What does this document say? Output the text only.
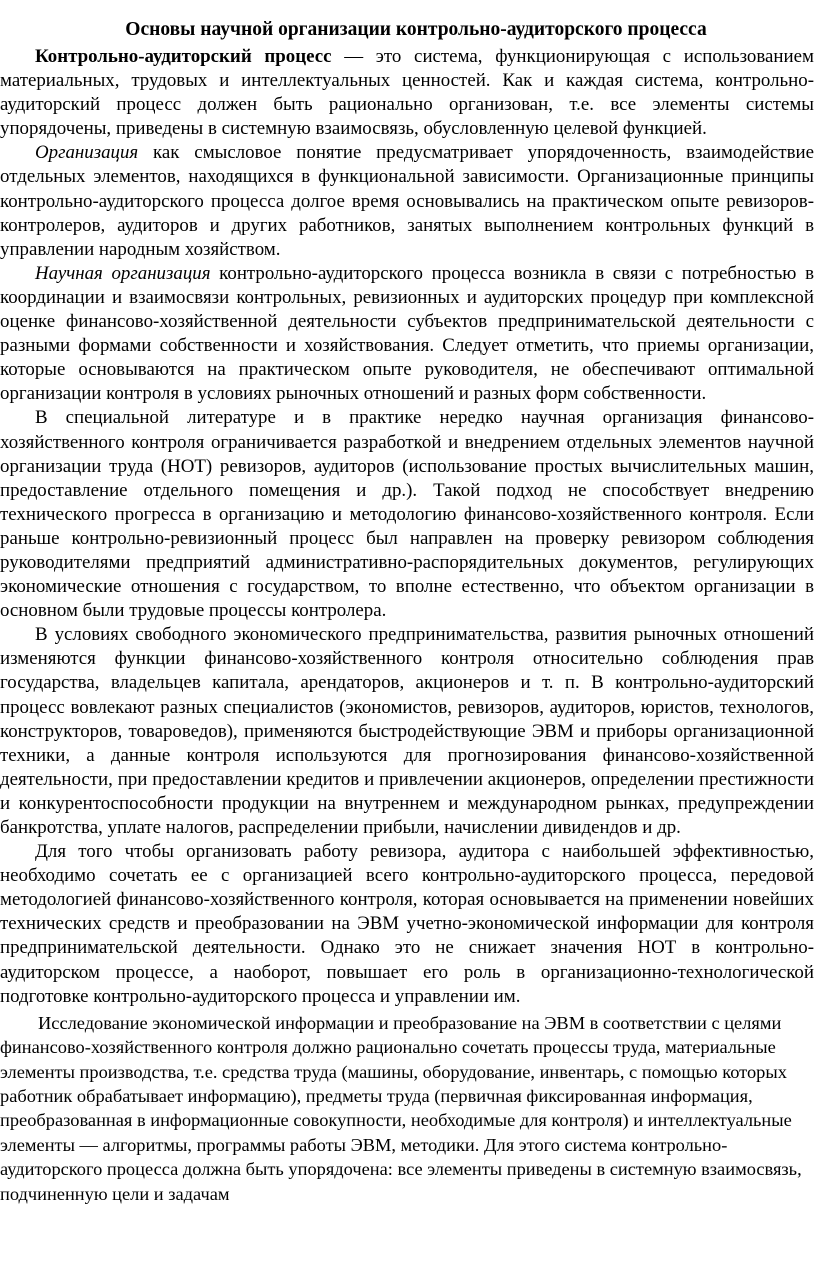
Основы научной организации контрольно-аудиторского процесса

Контрольно-аудиторский процесс — это система, функционирующая с использованием материальных, трудовых и интеллектуальных ценностей. Как и каждая система, контрольно-аудиторский процесс должен быть рационально организован, т.е. все элементы системы упорядочены, приведены в системную взаимосвязь, обусловленную целевой функцией.

Организация как смысловое понятие предусматривает упорядоченность, взаимодействие отдельных элементов, находящихся в функциональной зависимости. Организационные принципы контрольно-аудиторского процесса долгое время основывались на практическом опыте ревизоров-контролеров, аудиторов и других работников, занятых выполнением контрольных функций в управлении народным хозяйством.

Научная организация контрольно-аудиторского процесса возникла в связи с потребностью в координации и взаимосвязи контрольных, ревизионных и аудиторских процедур при комплексной оценке финансово-хозяйственной деятельности субъектов предпринимательской деятельности с разными формами собственности и хозяйствования. Следует отметить, что приемы организации, которые основываются на практическом опыте руководителя, не обеспечивают оптимальной организации контроля в условиях рыночных отношений и разных форм собственности.

В специальной литературе и в практике нередко научная организация финансово-хозяйственного контроля ограничивается разработкой и внедрением отдельных элементов научной организации труда (НОТ) ревизоров, аудиторов (использование простых вычислительных машин, предоставление отдельного помещения и др.). Такой подход не способствует внедрению технического прогресса в организацию и методологию финансово-хозяйственного контроля. Если раньше контрольно-ревизионный процесс был направлен на проверку ревизором соблюдения руководителями предприятий административно-распорядительных документов, регулирующих экономические отношения с государством, то вполне естественно, что объектом организации в основном были трудовые процессы контролера.

В условиях свободного экономического предпринимательства, развития рыночных отношений изменяются функции финансово-хозяйственного контроля относительно соблюдения прав государства, владельцев капитала, арендаторов, акционеров и т. п. В контрольно-аудиторский процесс вовлекают разных специалистов (экономистов, ревизоров, аудиторов, юристов, технологов, конструкторов, товароведов), применяются быстродействующие ЭВМ и приборы организационной техники, а данные контроля используются для прогнозирования финансово-хозяйственной деятельности, при предоставлении кредитов и привлечении акционеров, определении престижности и конкурентоспособности продукции на внутреннем и международном рынках, предупреждении банкротства, уплате налогов, распределении прибыли, начислении дивидендов и др.

Для того чтобы организовать работу ревизора, аудитора с наибольшей эффективностью, необходимо сочетать ее с организацией всего контрольно-аудиторского процесса, передовой методологией финансово-хозяйственного контроля, которая основывается на применении новейших технических средств и преобразовании на ЭВМ учетно-экономической информации для контроля предпринимательской деятельности. Однако это не снижает значения НОТ в контрольно-аудиторском процессе, а наоборот, повышает его роль в организационно-технологической подготовке контрольно-аудиторского процесса и управлении им.

Исследование экономической информации и преобразование на ЭВМ в соответствии с целями финансово-хозяйственного контроля должно рационально сочетать процессы труда, материальные элементы производства, т.е. средства труда (машины, оборудование, инвентарь, с помощью которых работник обрабатывает информацию), предметы труда (первичная фиксированная информация, преобразованная в информационные совокупности, необходимые для контроля) и интеллектуальные элементы — алгоритмы, программы работы ЭВМ, методики. Для этого система контрольно-аудиторского процесса должна быть упорядочена: все элементы приведены в системную взаимосвязь, подчиненную цели и задачам
